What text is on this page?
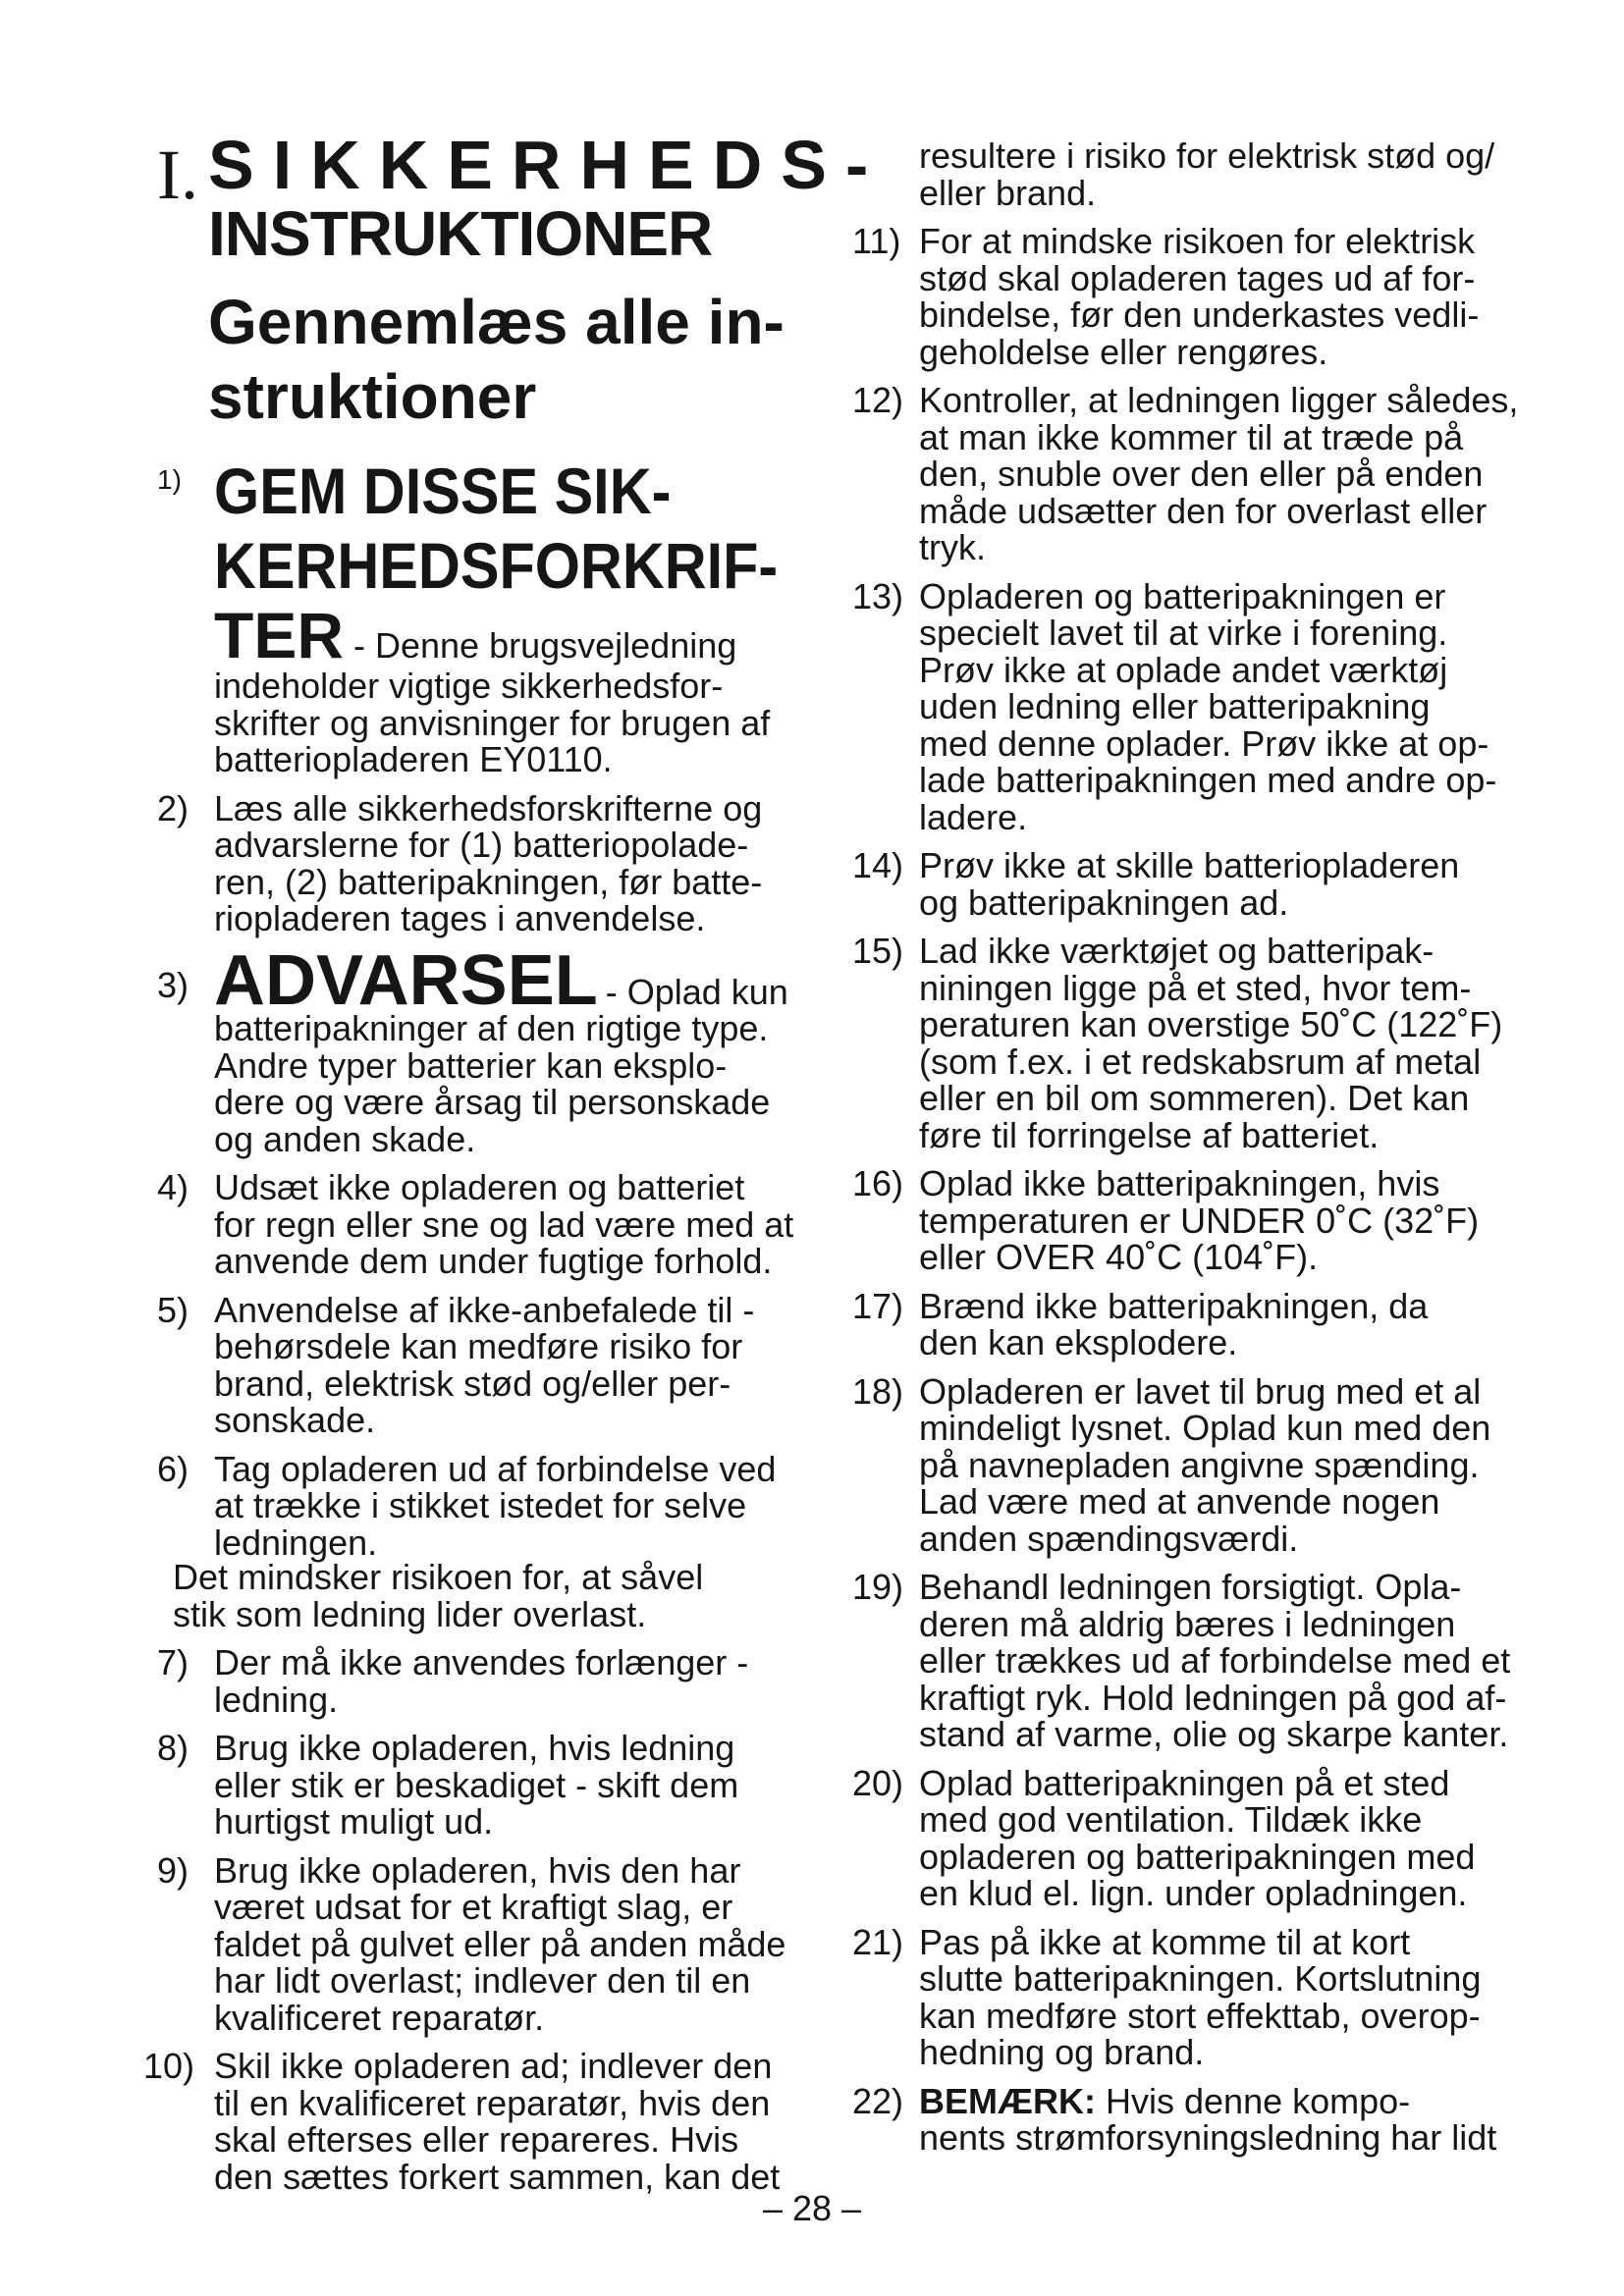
I. SIKKERHEDS-
INSTRUKTIONER
Gennemlæs alle in-
struktioner
1) GEM DISSE SIK-
KERHEDSFORKRIF-
TER - Denne brugsvejledning
indeholder vigtige sikkerhedsfor-
skrifter og anvisninger for brugen af
batteriopladeren EY0110.
2) Læs alle sikkerhedsforskrifterne og
advarslerne for (1) batteriopolade-
ren, (2) batteripakningen, før batte-
riopladeren tages i anvendelse.
3) ADVARSEL - Oplad kun
batteripakninger af den rigtige type.
Andre typer batterier kan eksplo-
dere og være årsag til personskade
og anden skade.
4) Udsæt ikke opladeren og batteriet
for regn eller sne og lad være med at
anvende dem under fugtige forhold.
5) Anvendelse af ikke-anbefalede til -
behørsdele kan medføre risiko for
brand, elektrisk stød og/eller per-
sonskade.
6) Tag opladeren ud af forbindelse ved
at trække i stikket istedet for selve
ledningen.
Det mindsker risikoen for, at såvel
stik som ledning lider overlast.
7) Der må ikke anvendes forlænger -
ledning.
8) Brug ikke opladeren, hvis ledning
eller stik er beskadiget - skift dem
hurtigst muligt ud.
9) Brug ikke opladeren, hvis den har
været udsat for et kraftigt slag, er
faldet på gulvet eller på anden måde
har lidt overlast; indlever den til en
kvalificeret reparatør.
10) Skil ikke opladeren ad; indlever den
til en kvalificeret reparatør, hvis den
skal efterses eller repareres. Hvis
den sættes forkert sammen, kan det
resultere i risiko for elektrisk stød og/
eller brand.
11) For at mindske risikoen for elektrisk
stød skal opladeren tages ud af for-
bindelse, før den underkastes vedli-
geholdelse eller rengøres.
12) Kontroller, at ledningen ligger således,
at man ikke kommer til at træde på
den, snuble over den eller på enden
måde udsætter den for overlast eller
tryk.
13) Opladeren og batteripakningen er
specielt lavet til at virke i forening.
Prøv ikke at oplade andet værktøj
uden ledning eller batteripakning
med denne oplader. Prøv ikke at op-
lade batteripakningen med andre op-
ladere.
14) Prøv ikke at skille batteriopladeren
og batteripakningen ad.
15) Lad ikke værktøjet og batteripak-
niningen ligge på et sted, hvor tem-
peraturen kan overstige 50˚C (122˚F)
(som f.ex. i et redskabsrum af metal
eller en bil om sommeren). Det kan
føre til forringelse af batteriet.
16) Oplad ikke batteripakningen, hvis
temperaturen er UNDER 0˚C (32˚F)
eller OVER 40˚C (104˚F).
17) Brænd ikke batteripakningen, da
den kan eksplodere.
18) Opladeren er lavet til brug med et al
mindeligt lysnet. Oplad kun med den
på navnepladen angivne spænding.
Lad være med at anvende nogen
anden spændingsværdi.
19) Behandl ledningen forsigtigt. Opla-
deren må aldrig bæres i ledningen
eller trækkes ud af forbindelse med et
kraftigt ryk. Hold ledningen på god af-
stand af varme, olie og skarpe kanter.
20) Oplad batteripakningen på et sted
med god ventilation. Tildæk ikke
opladeren og batteripakningen med
en klud el. lign. under opladningen.
21) Pas på ikke at komme til at kort
slutte batteripakningen. Kortslutning
kan medføre stort effekttab, overop-
hedning og brand.
22) BEMÆRK: Hvis denne kompo-
nents strømforsyningsledning har lidt
– 28 –
